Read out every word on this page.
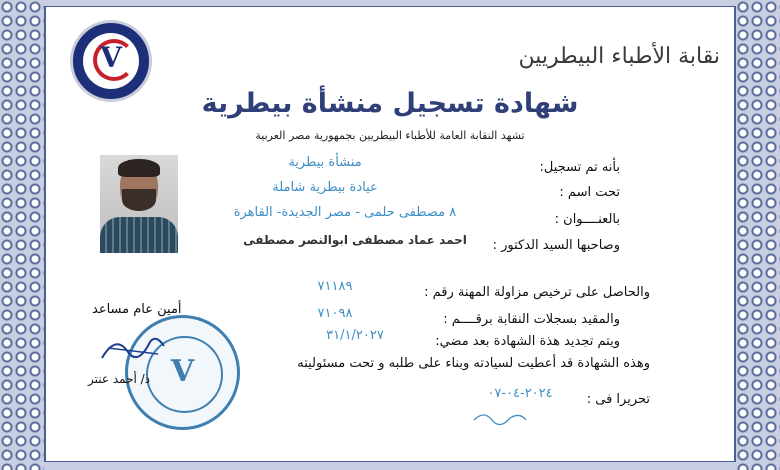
V	نقابة الأطباء البيطريين
شهادة تسجيل منشأة بيطرية
تشهد النقابة العامة للأطباء البيطريين بجمهورية مصر العربية
بأنه تم تسجيل:
منشأة بيطرية
تحت اسم :
عيادة بيطرية شاملة
بالعنــــوان :
٨ مصطفى حلمى - مصر الجديدة- القاهرة
وصاحبها السيد الدكتور :
احمد عماد مصطفى ابوالنصر مصطفى
والحاصل على ترخيص مزاولة المهنة رقم :
٧١١٨٩
والمقيد بسجلات النقابة برقــــم :
٧١٠٩٨
ويتم تجديد هذة الشهادة بعد مضي:
٣١/١/٢٠٢٧
وهذه الشهادة قد أعطيت لسيادته وبناء على طلبه و تحت مسئوليته
تحريرا فى :
٢٠٢٤-٠٤-٠٧
أمين عام مساعد
V
د/ أحمد عنتر
